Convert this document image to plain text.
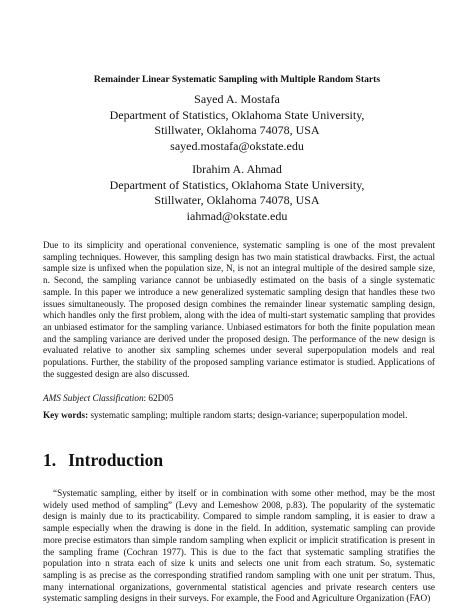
Remainder Linear Systematic Sampling with Multiple Random Starts
Sayed A. Mostafa
Department of Statistics, Oklahoma State University,
Stillwater, Oklahoma 74078, USA
sayed.mostafa@okstate.edu
Ibrahim A. Ahmad
Department of Statistics, Oklahoma State University,
Stillwater, Oklahoma 74078, USA
iahmad@okstate.edu
Due to its simplicity and operational convenience, systematic sampling is one of the most prevalent sampling techniques. However, this sampling design has two main statistical drawbacks. First, the actual sample size is unfixed when the population size, N, is not an integral multiple of the desired sample size, n. Second, the sampling variance cannot be unbiasedly estimated on the basis of a single systematic sample. In this paper we introduce a new generalized systematic sampling design that handles these two issues simultaneously. The proposed design combines the remainder linear systematic sampling design, which handles only the first problem, along with the idea of multi-start systematic sampling that provides an unbiased estimator for the sampling variance. Unbiased estimators for both the finite population mean and the sampling variance are derived under the proposed design. The performance of the new design is evaluated relative to another six sampling schemes under several superpopulation models and real populations. Further, the stability of the proposed sampling variance estimator is studied. Applications of the suggested design are also discussed.
AMS Subject Classification: 62D05
Key words: systematic sampling; multiple random starts; design-variance; superpopulation model.
1. Introduction
“Systematic sampling, either by itself or in combination with some other method, may be the most widely used method of sampling” (Levy and Lemeshow 2008, p.83). The popularity of the systematic design is mainly due to its practicability. Compared to simple random sampling, it is easier to draw a sample especially when the drawing is done in the field. In addition, systematic sampling can provide more precise estimators than simple random sampling when explicit or implicit stratification is present in the sampling frame (Cochran 1977). This is due to the fact that systematic sampling stratifies the population into n strata each of size k units and selects one unit from each stratum. So, systematic sampling is as precise as the corresponding stratified random sampling with one unit per stratum. Thus, many international organizations, governmental statistical agencies and private research centers use systematic sampling designs in their surveys. For example, the Food and Agriculture Organization (FAO)
